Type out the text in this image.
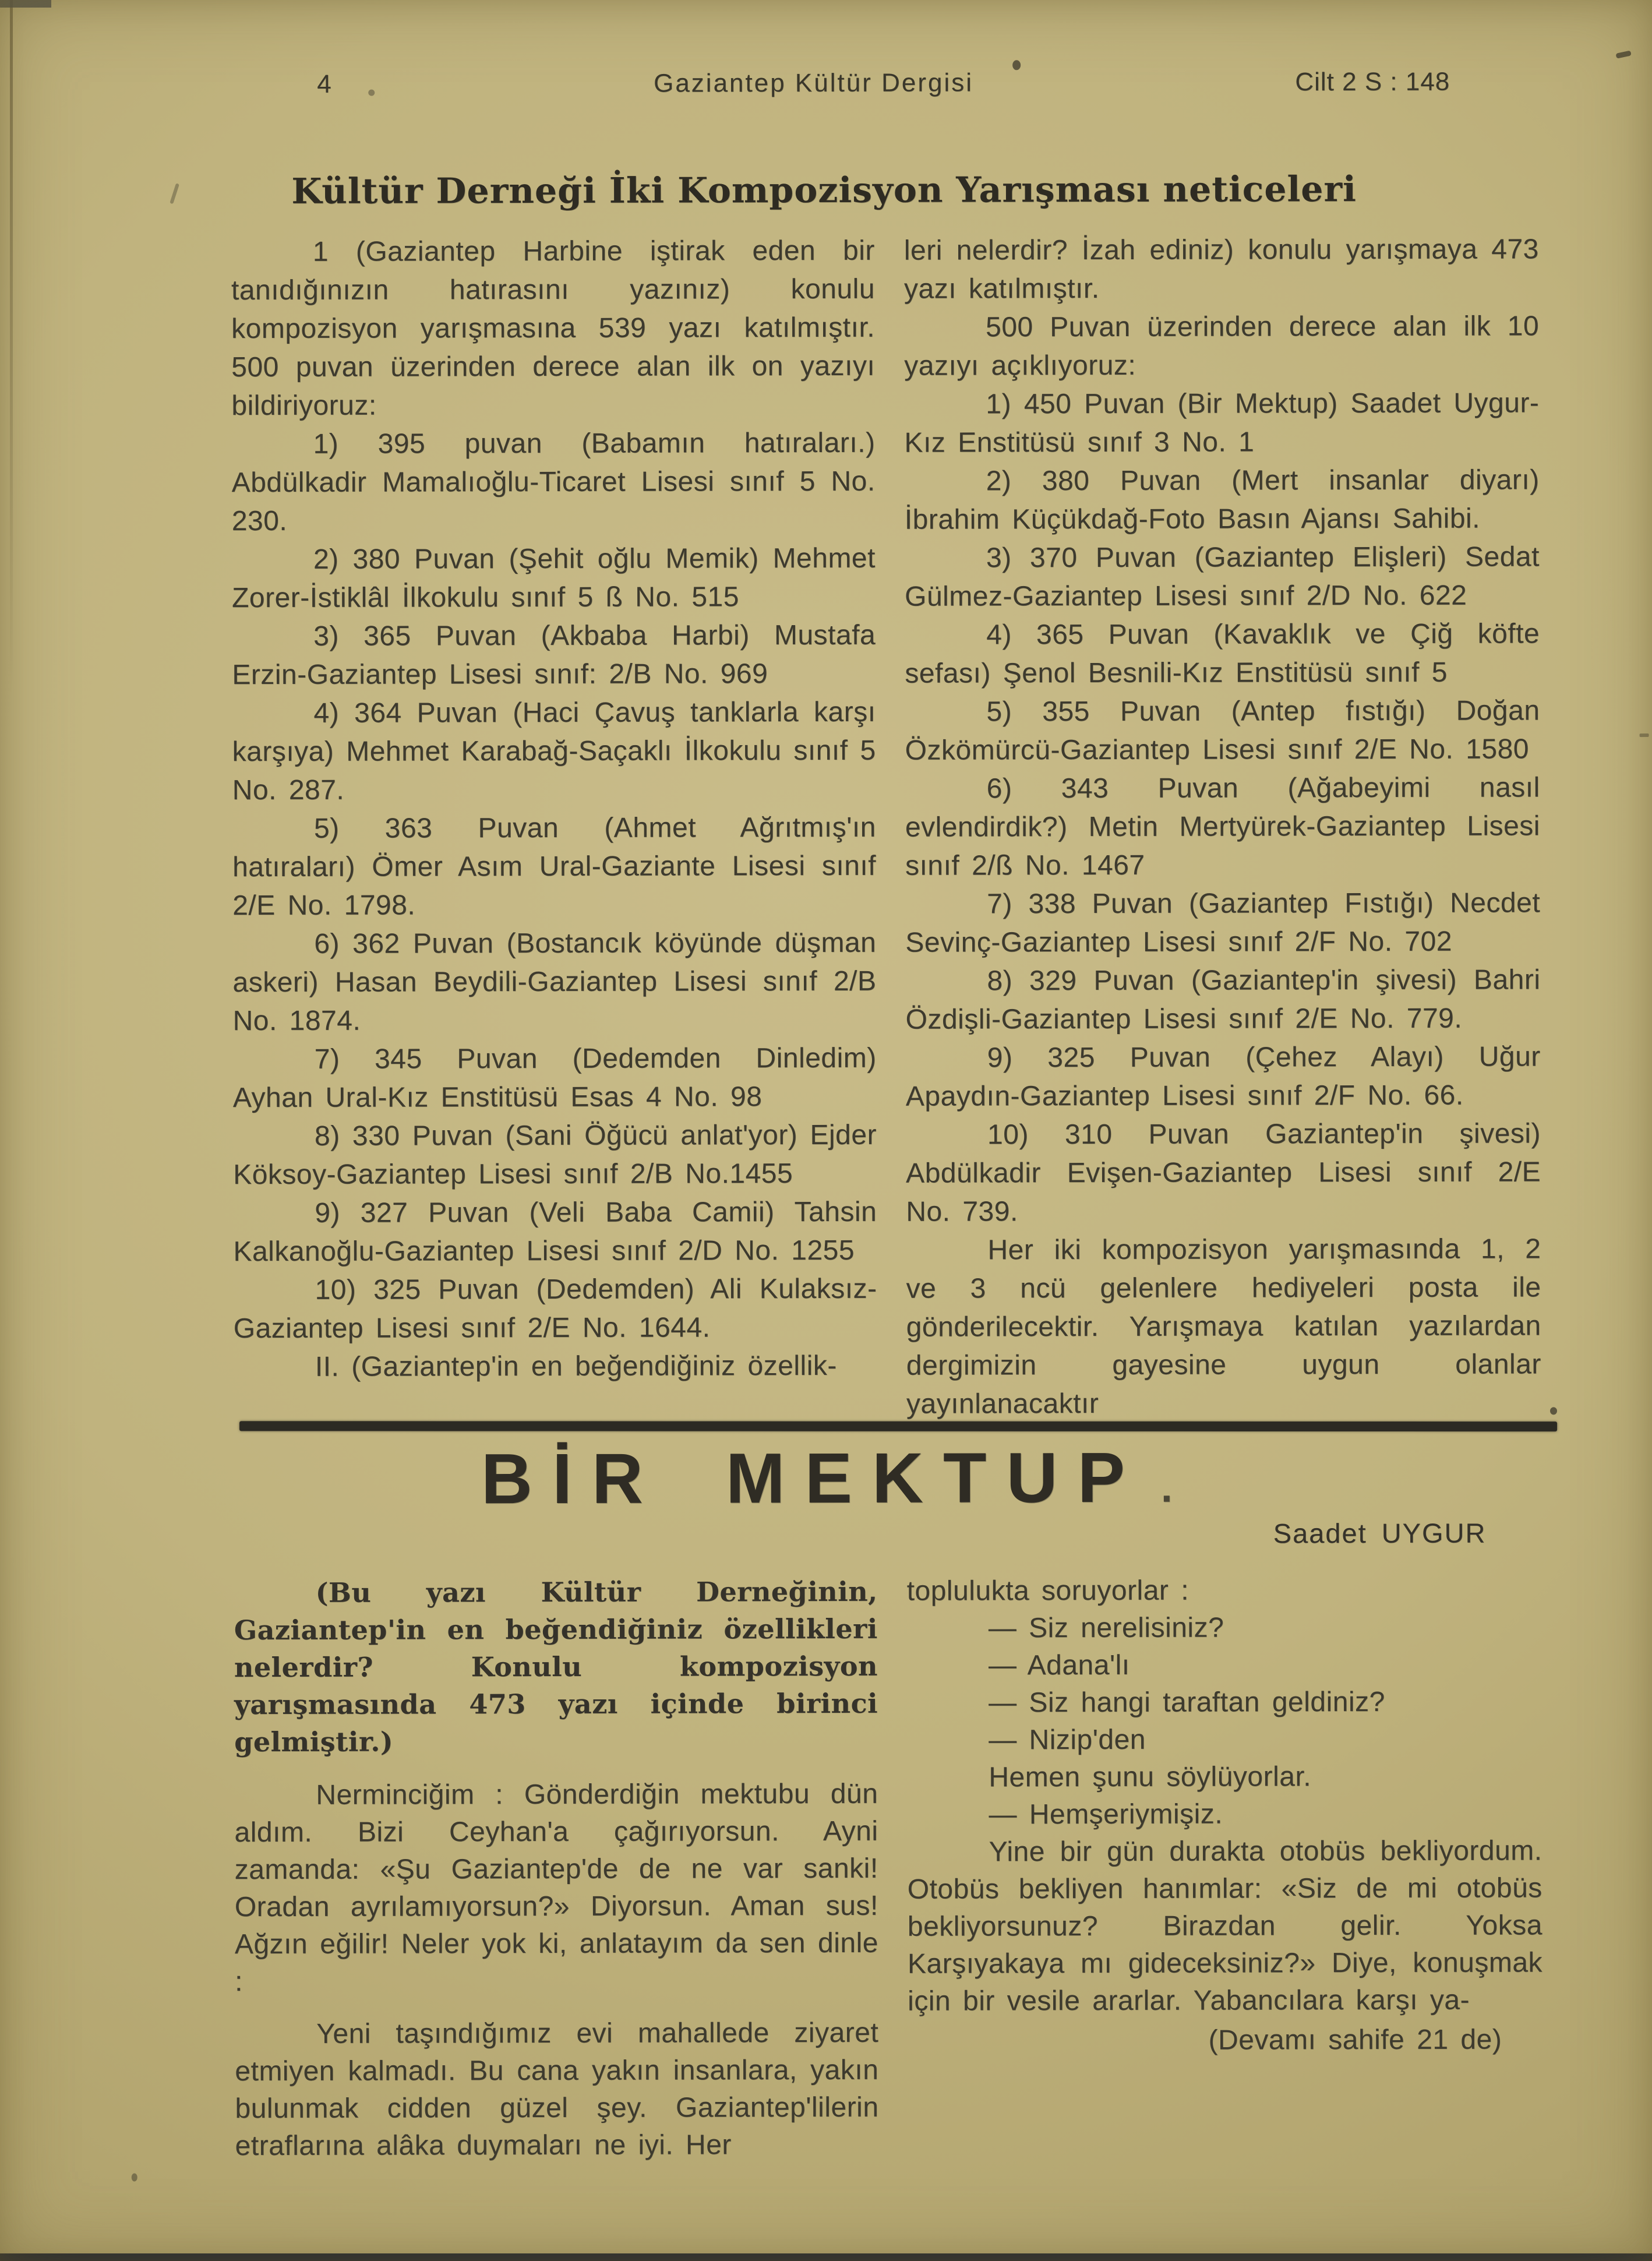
4	Gaziantep Kültür Dergisi	Cilt 2 S : 148
Kültür Derneği İki Kompozisyon Yarışması neticeleri

1 (Gaziantep Harbine iştirak eden bir tanıdığınızın hatırasını yazınız) konulu kompozisyon yarışmasına 539 yazı katılmıştır. 500 puvan üzerinden derece alan ilk on yazıyı bildiriyoruz:

1) 395 puvan (Babamın hatıraları.) Abdülkadir Mamalıoğlu-Ticaret Lisesi sınıf 5 No. 230.

2) 380 Puvan (Şehit oğlu Memik) Mehmet Zorer-İstiklâl İlkokulu sınıf 5 ß No. 515

3) 365 Puvan (Akbaba Harbi) Mustafa Erzin-Gaziantep Lisesi sınıf: 2/B No. 969

4) 364 Puvan (Haci Çavuş tanklarla karşı karşıya) Mehmet Karabağ-Saçaklı İlkokulu sınıf 5 No. 287.

5) 363 Puvan (Ahmet Ağrıtmış'ın hatıraları) Ömer Asım Ural-Gaziante Lisesi sınıf 2/E No. 1798.

6) 362 Puvan (Bostancık köyünde düşman askeri) Hasan Beydili-Gaziantep Lisesi sınıf 2/B No. 1874.

7) 345 Puvan (Dedemden Dinledim) Ayhan Ural-Kız Enstitüsü Esas 4 No. 98

8) 330 Puvan (Sani Öğücü anlat'yor) Ejder Köksoy-Gaziantep Lisesi sınıf 2/B No.1455

9) 327 Puvan (Veli Baba Camii) Tahsin Kalkanoğlu-Gaziantep Lisesi sınıf 2/D No. 1255

10) 325 Puvan (Dedemden) Ali Kulaksız-Gaziantep Lisesi sınıf 2/E No. 1644.

II. (Gaziantep'in en beğendiğiniz özellik-

leri nelerdir? İzah ediniz) konulu yarışmaya 473 yazı katılmıştır.

500 Puvan üzerinden derece alan ilk 10 yazıyı açıklıyoruz:

1) 450 Puvan (Bir Mektup) Saadet Uygur-Kız Enstitüsü sınıf 3 No. 1

2) 380 Puvan (Mert insanlar diyarı) İbrahim Küçükdağ-Foto Basın Ajansı Sahibi.

3) 370 Puvan (Gaziantep Elişleri) Sedat Gülmez-Gaziantep Lisesi sınıf 2/D No. 622

4) 365 Puvan (Kavaklık ve Çiğ köfte sefası) Şenol Besnili-Kız Enstitüsü sınıf 5

5) 355 Puvan (Antep fıstığı) Doğan Özkömürcü-Gaziantep Lisesi sınıf 2/E No. 1580

6) 343 Puvan (Ağabeyimi nasıl evlendirdik?) Metin Mertyürek-Gaziantep Lisesi sınıf 2/ß No. 1467

7) 338 Puvan (Gaziantep Fıstığı) Necdet Sevinç-Gaziantep Lisesi sınıf 2/F No. 702

8) 329 Puvan (Gaziantep'in şivesi) Bahri Özdişli-Gaziantep Lisesi sınıf 2/E No. 779.

9) 325 Puvan (Çehez Alayı) Uğur Apaydın-Gaziantep Lisesi sınıf 2/F No. 66.

10) 310 Puvan Gaziantep'in şivesi) Abdülkadir Evişen-Gaziantep Lisesi sınıf 2/E No. 739.

Her iki kompozisyon yarışmasında 1, 2 ve 3 ncü gelenlere hediyeleri posta ile gönderilecektir. Yarışmaya katılan yazılardan dergimizin gayesine uygun olanlar yayınlanacaktır

BİR MEKTUP .
Saadet UYGUR

(Bu yazı Kültür Derneğinin, Gaziantep'in en beğendiğiniz özellikleri nelerdir? Konulu kompozisyon yarışmasında 473 yazı içinde birinci gelmiştir.)

Nerminciğim : Gönderdiğin mektubu dün aldım. Bizi Ceyhan'a çağırıyorsun. Ayni zamanda: «Şu Gaziantep'de de ne var sanki! Oradan ayrılamıyorsun?» Diyorsun. Aman sus! Ağzın eğilir! Neler yok ki, anlatayım da sen dinle :

Yeni taşındığımız evi mahallede ziyaret etmiyen kalmadı. Bu cana yakın insanlara, yakın bulunmak cidden güzel şey. Gaziantep'lilerin etraflarına alâka duymaları ne iyi. Her

toplulukta soruyorlar :

— Siz nerelisiniz?

— Adana'lı

— Siz hangi taraftan geldiniz?

— Nizip'den

Hemen şunu söylüyorlar.

— Hemşeriymişiz.

Yine bir gün durakta otobüs bekliyordum. Otobüs bekliyen hanımlar: «Siz de mi otobüs bekliyorsunuz? Birazdan gelir. Yoksa Karşıyakaya mı gideceksiniz?» Diye, konuşmak için bir vesile ararlar. Yabancılara karşı ya-

(Devamı sahife 21 de)
